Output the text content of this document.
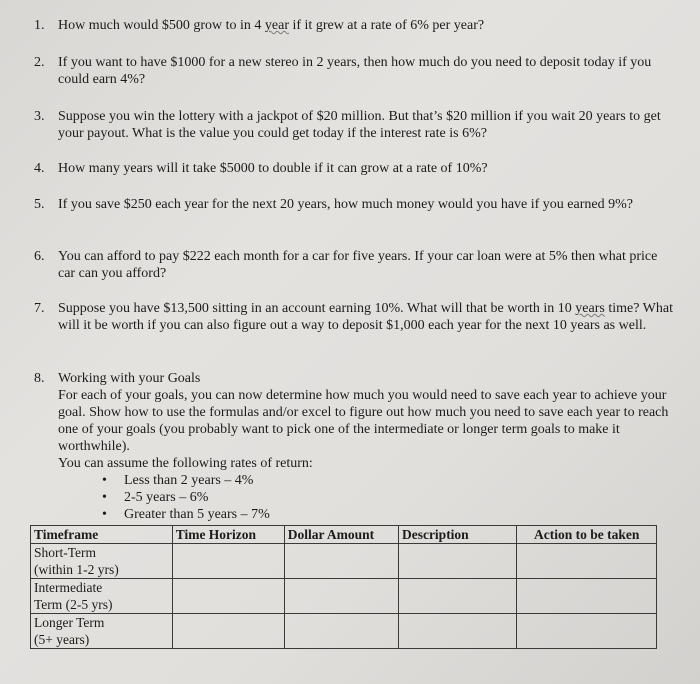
1. How much would $500 grow to in 4 year if it grew at a rate of 6% per year?
2. If you want to have $1000 for a new stereo in 2 years, then how much do you need to deposit today if you could earn 4%?
3. Suppose you win the lottery with a jackpot of $20 million. But that’s $20 million if you wait 20 years to get your payout. What is the value you could get today if the interest rate is 6%?
4. How many years will it take $5000 to double if it can grow at a rate of 10%?
5. If you save $250 each year for the next 20 years, how much money would you have if you earned 9%?
6. You can afford to pay $222 each month for a car for five years. If your car loan were at 5% then what price car can you afford?
7. Suppose you have $13,500 sitting in an account earning 10%. What will that be worth in 10 years time? What will it be worth if you can also figure out a way to deposit $1,000 each year for the next 10 years as well.
8. Working with your Goals
For each of your goals, you can now determine how much you would need to save each year to achieve your goal. Show how to use the formulas and/or excel to figure out how much you need to save each year to reach one of your goals (you probably want to pick one of the intermediate or longer term goals to make it worthwhile).
You can assume the following rates of return:
• Less than 2 years – 4%
• 2-5 years – 6%
• Greater than 5 years – 7%
Timeframe	Time Horizon	Dollar Amount	Description	Action to be taken

Short-Term
(within 1-2 yrs)				

Intermediate
Term (2-5 yrs)				

Longer Term
(5+ years)				
